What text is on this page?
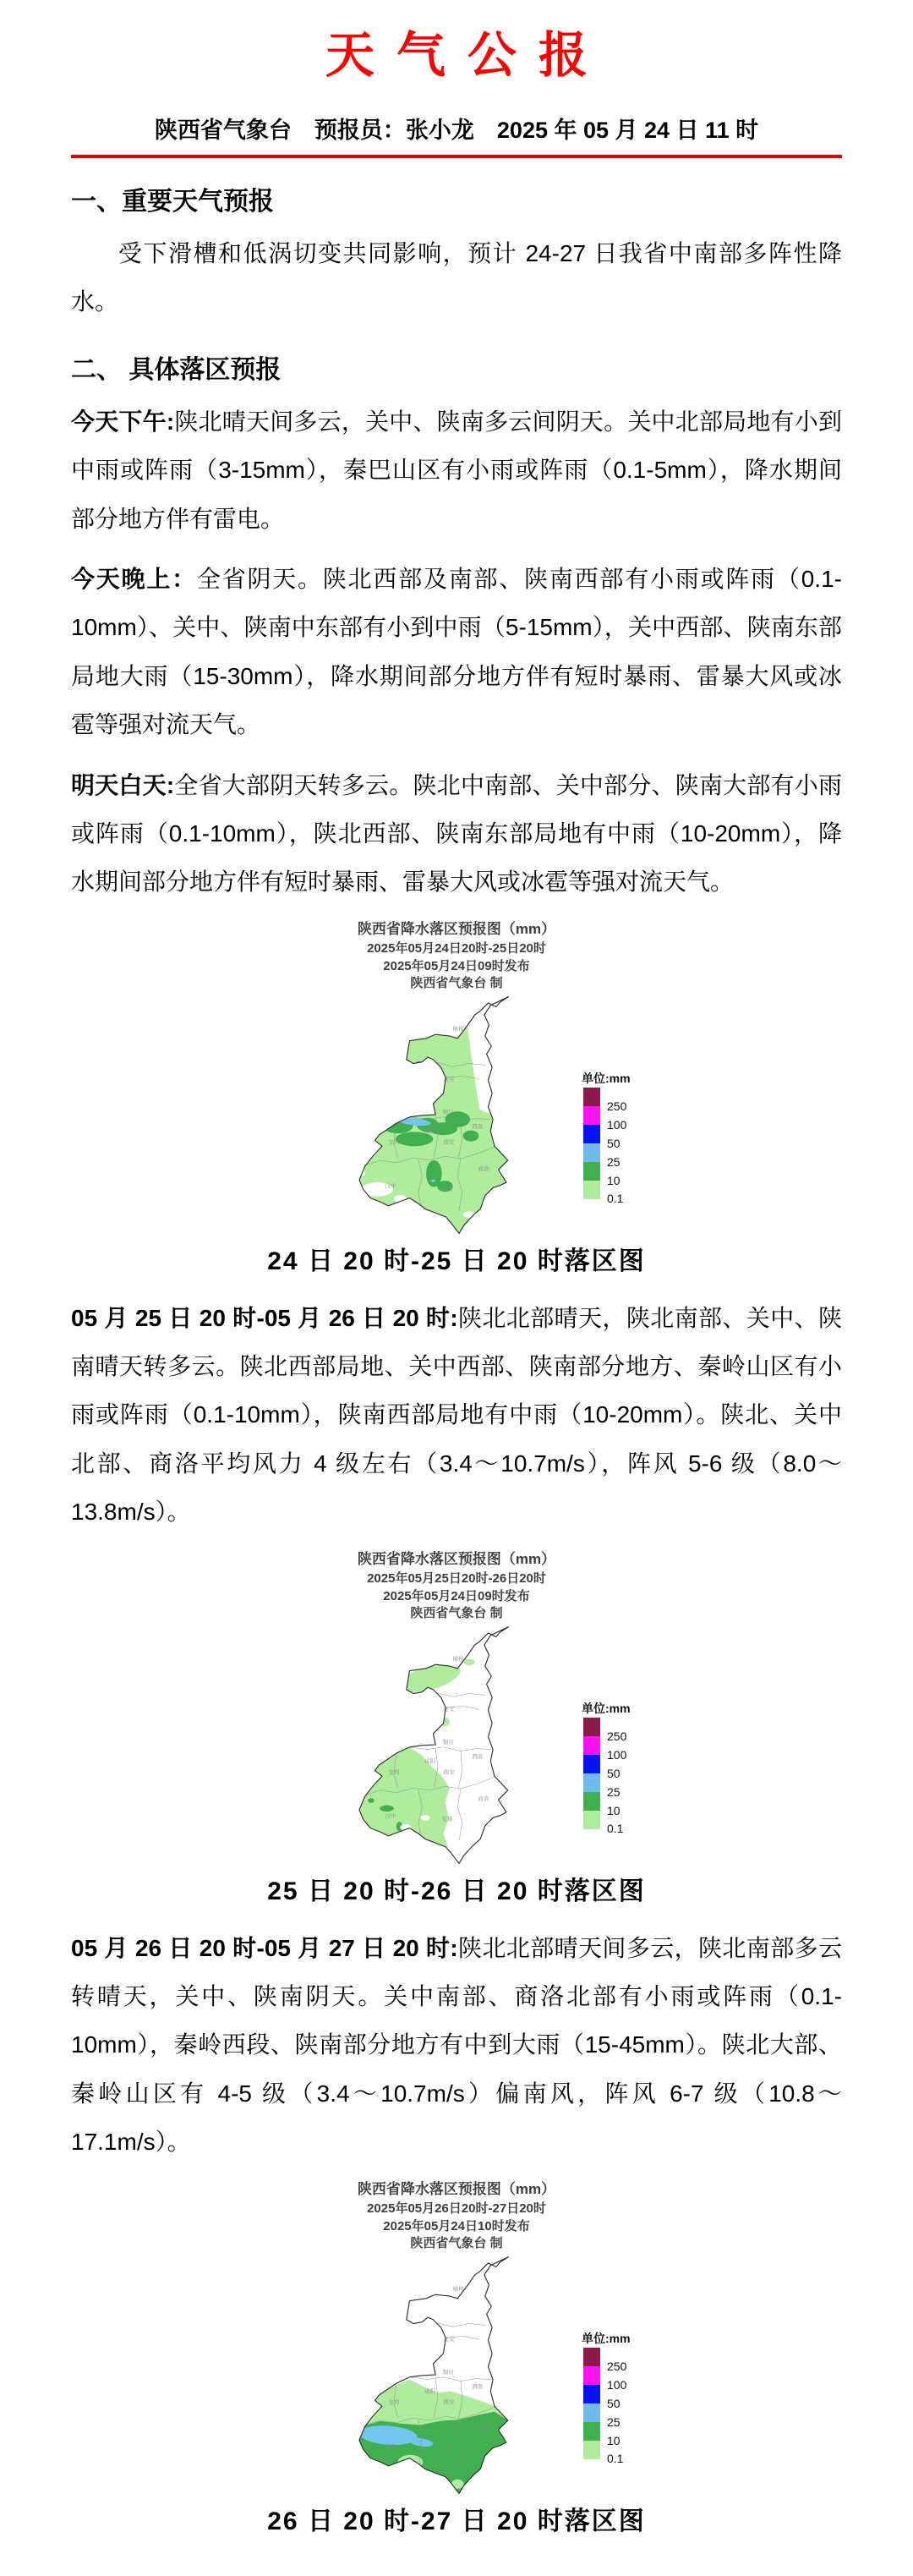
天气公报
陕西省气象台　预报员：张小龙　2025 年 05 月 24 日 11 时
一、重要天气预报

受下滑槽和低涡切变共同影响，预计 24-27 日我省中南部多阵性降水。

二、 具体落区预报

今天下午:陕北晴天间多云，关中、陕南多云间阴天。关中北部局地有小到中雨或阵雨（3-15mm），秦巴山区有小雨或阵雨（0.1-5mm），降水期间部分地方伴有雷电。

今天晚上：全省阴天。陕北西部及南部、陕南西部有小雨或阵雨（0.1-10mm）、关中、陕南中东部有小到中雨（5-15mm），关中西部、陕南东部局地大雨（15-30mm），降水期间部分地方伴有短时暴雨、雷暴大风或冰雹等强对流天气。

明天白天:全省大部阴天转多云。陕北中南部、关中部分、陕南大部有小雨或阵雨（0.1-10mm），陕北西部、陕南东部局地有中雨（10-20mm），降水期间部分地方伴有短时暴雨、雷暴大风或冰雹等强对流天气。

陕西省降水落区预报图（mm）
2025年05月24日20时-25日20时
2025年05月24日09时发布
陕西省气象台 制
榆林
延安
铜川
咸阳
渭南
西安
宝鸡
汉中
安康
商洛
单位:mm
250
100
50
25
10
0.1
24 日 20 时-25 日 20 时落区图

05 月 25 日 20 时-05 月 26 日 20 时:陕北北部晴天，陕北南部、关中、陕南晴天转多云。陕北西部局地、关中西部、陕南部分地方、秦岭山区有小雨或阵雨（0.1-10mm），陕南西部局地有中雨（10-20mm）。陕北、关中北部、商洛平均风力 4 级左右（3.4～10.7m/s），阵风 5-6 级（8.0～13.8m/s）。

陕西省降水落区预报图（mm）
2025年05月25日20时-26日20时
2025年05月24日09时发布
陕西省气象台 制
榆林
延安
铜川
咸阳
渭南
西安
宝鸡
汉中
安康
商洛
单位:mm
250
100
50
25
10
0.1
25 日 20 时-26 日 20 时落区图

05 月 26 日 20 时-05 月 27 日 20 时:陕北北部晴天间多云，陕北南部多云转晴天，关中、陕南阴天。关中南部、商洛北部有小雨或阵雨（0.1-10mm），秦岭西段、陕南部分地方有中到大雨（15-45mm）。陕北大部、秦岭山区有 4-5 级（3.4～10.7m/s）偏南风，阵风 6-7 级（10.8～17.1m/s）。

陕西省降水落区预报图（mm）
2025年05月26日20时-27日20时
2025年05月24日10时发布
陕西省气象台 制
榆林
延安
铜川
咸阳
渭南
西安
宝鸡
汉中
安康
商洛
单位:mm
250
100
50
25
10
0.1
26 日 20 时-27 日 20 时落区图
